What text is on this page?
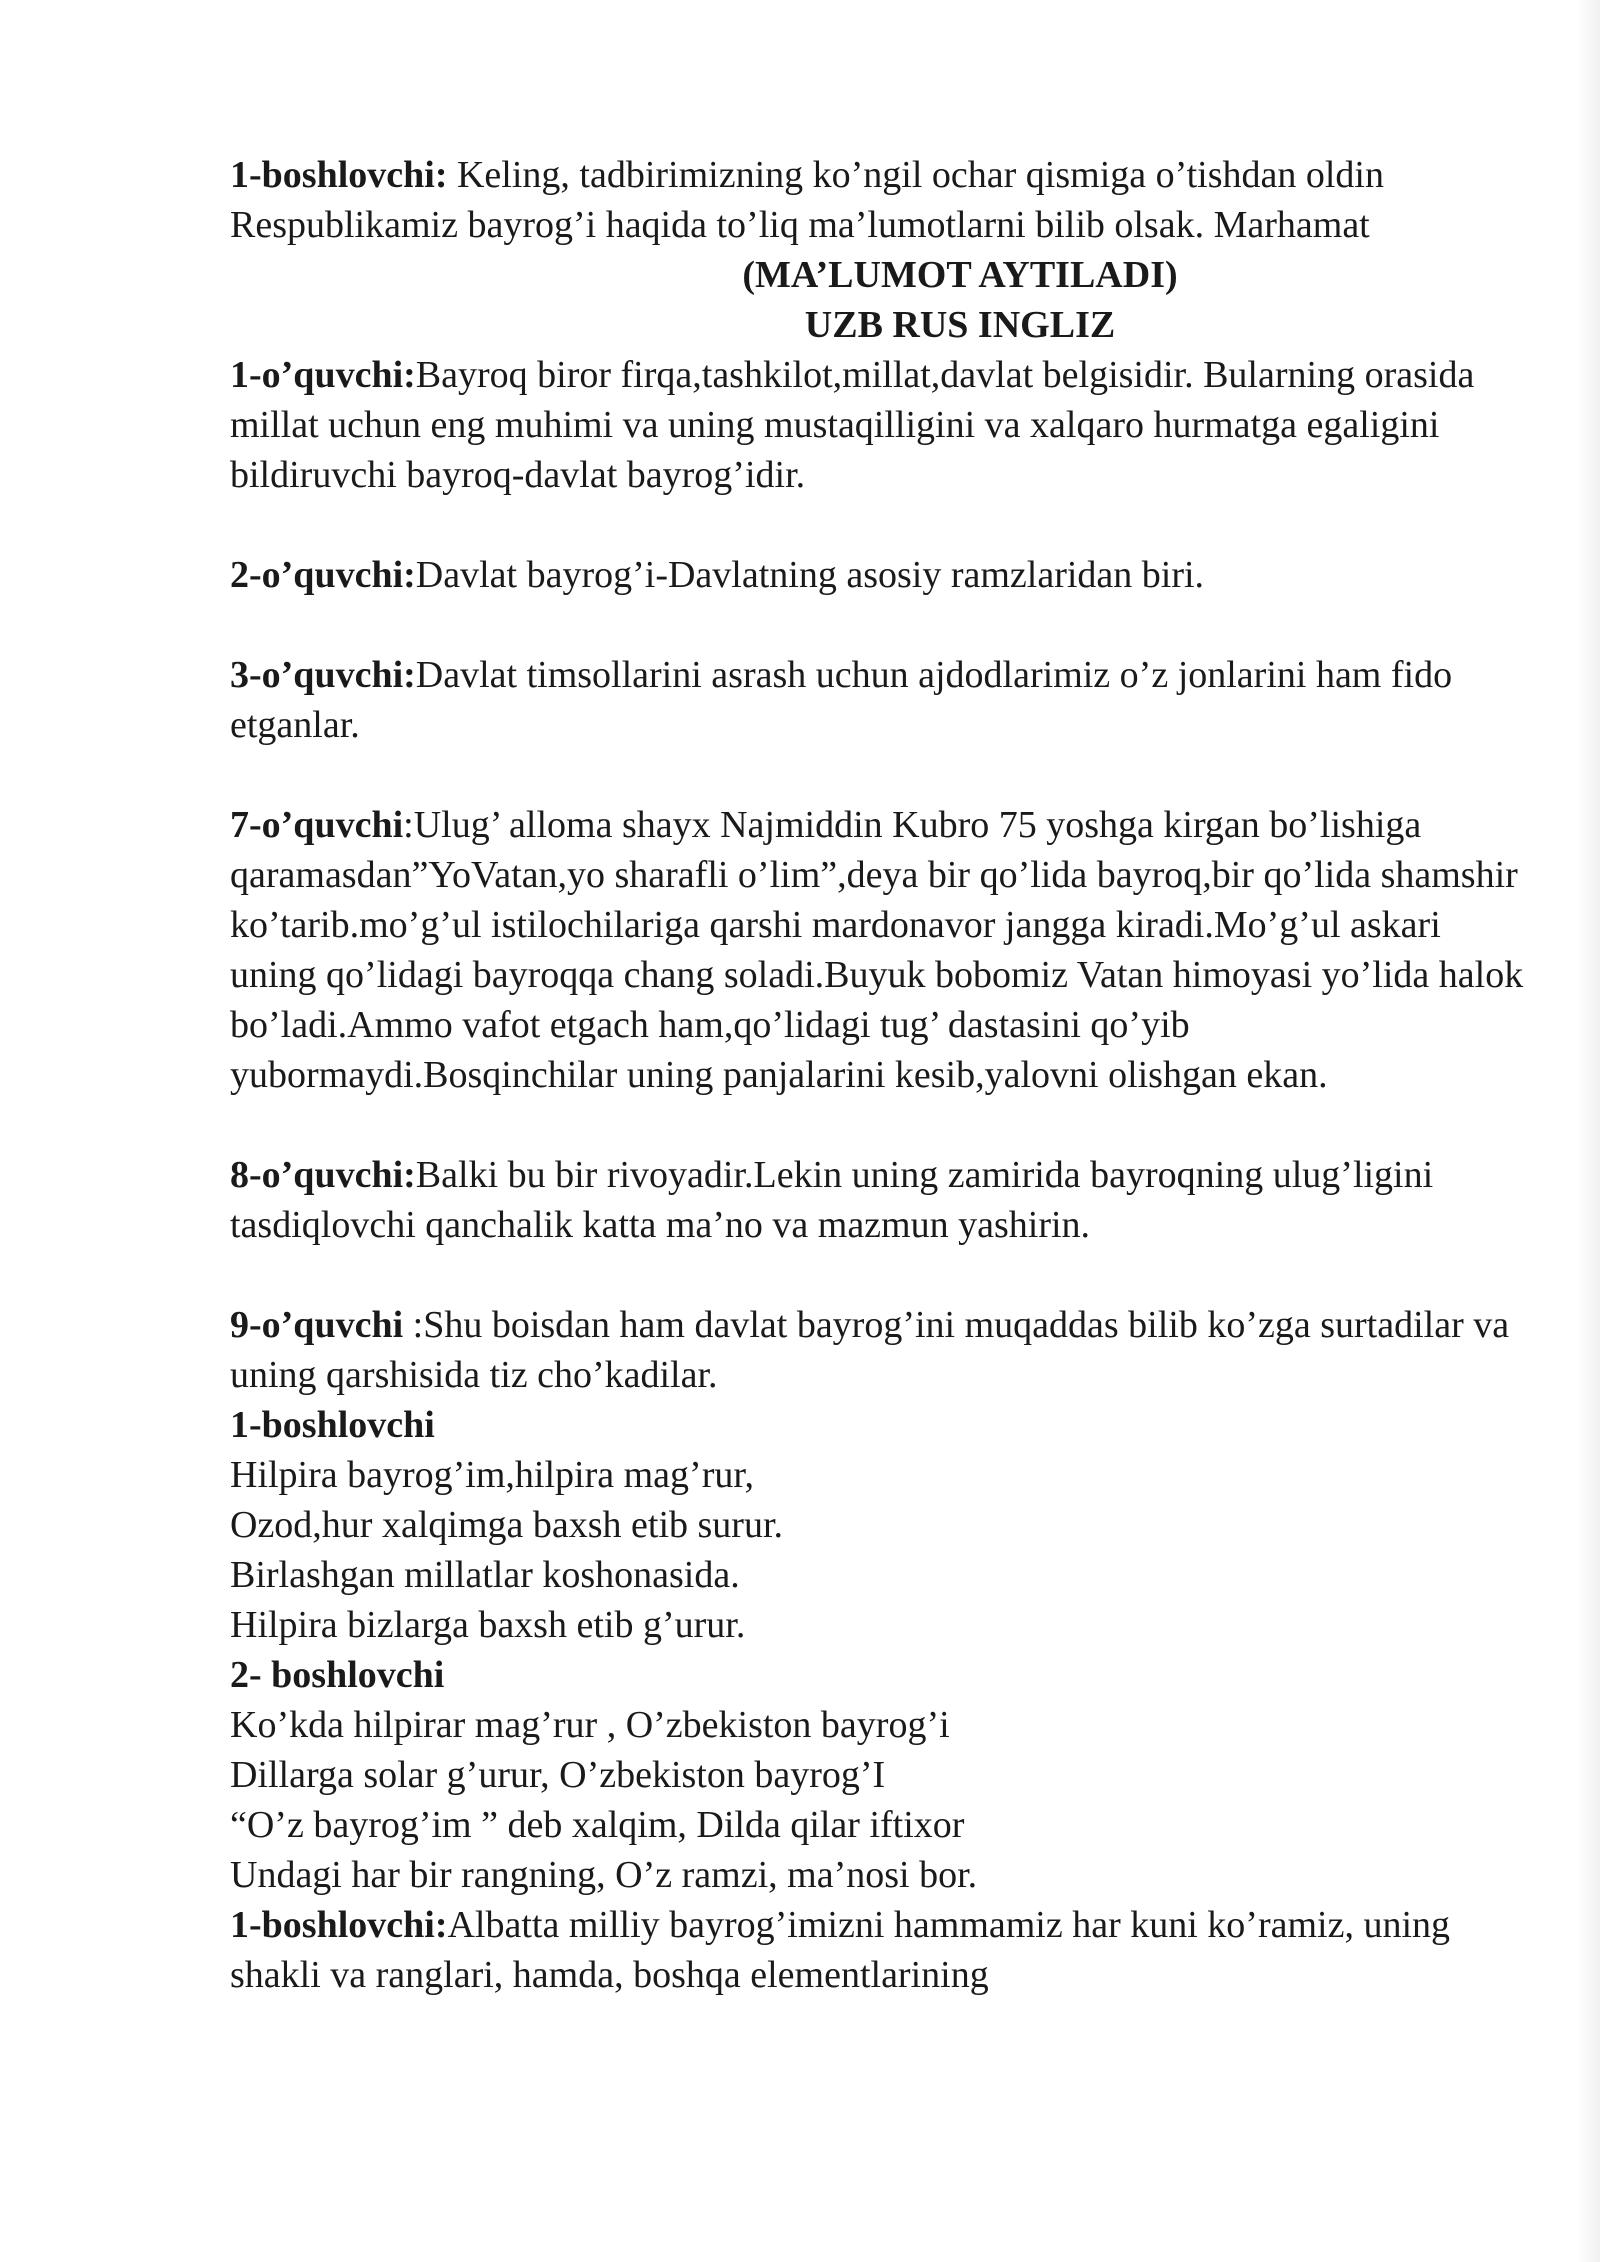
1-boshlovchi: Keling, tadbirimizning ko’ngil ochar qismiga o’tishdan oldin Respublikamiz bayrog’i haqida to’liq ma’lumotlarni bilib olsak. Marhamat

(MA’LUMOT AYTILADI)

UZB RUS INGLIZ

1-o’quvchi:Bayroq biror firqa,tashkilot,millat,davlat belgisidir. Bularning orasida millat uchun eng muhimi va uning mustaqilligini va xalqaro hurmatga egaligini bildiruvchi bayroq-davlat bayrog’idir.

2-o’quvchi:Davlat bayrog’i-Davlatning asosiy ramzlaridan biri.

3-o’quvchi:Davlat timsollarini asrash uchun ajdodlarimiz o’z jonlarini ham fido etganlar.

7-o’quvchi:Ulug’ alloma shayx Najmiddin Kubro 75 yoshga kirgan bo’lishiga qaramasdan”YoVatan,yo sharafli o’lim”,deya bir qo’lida bayroq,bir qo’lida shamshir ko’tarib.mo’g’ul istilochilariga qarshi mardonavor jangga kiradi.Mo’g’ul askari uning qo’lidagi bayroqqa chang soladi.Buyuk bobomiz Vatan himoyasi yo’lida halok bo’ladi.Ammo vafot etgach ham,qo’lidagi tug’ dastasini qo’yib yubormaydi.Bosqinchilar uning panjalarini kesib,yalovni olishgan ekan.

8-o’quvchi:Balki bu bir rivoyadir.Lekin uning zamirida bayroqning ulug’ligini tasdiqlovchi qanchalik katta ma’no va mazmun yashirin.

9-o’quvchi :Shu boisdan ham davlat bayrog’ini muqaddas bilib ko’zga surtadilar va uning qarshisida tiz cho’kadilar.

1-boshlovchi

Hilpira bayrog’im,hilpira mag’rur,

Ozod,hur xalqimga baxsh etib surur.

Birlashgan millatlar koshonasida.

Hilpira bizlarga baxsh etib g’urur.

2- boshlovchi

Ko’kda hilpirar mag’rur , O’zbekiston bayrog’i

Dillarga solar g’urur, O’zbekiston bayrog’I

“O’z bayrog’im ” deb xalqim, Dilda qilar iftixor

Undagi har bir rangning, O’z ramzi, ma’nosi bor.

1-boshlovchi:Albatta milliy bayrog’imizni hammamiz har kuni ko’ramiz, uning shakli va ranglari, hamda, boshqa elementlarining
